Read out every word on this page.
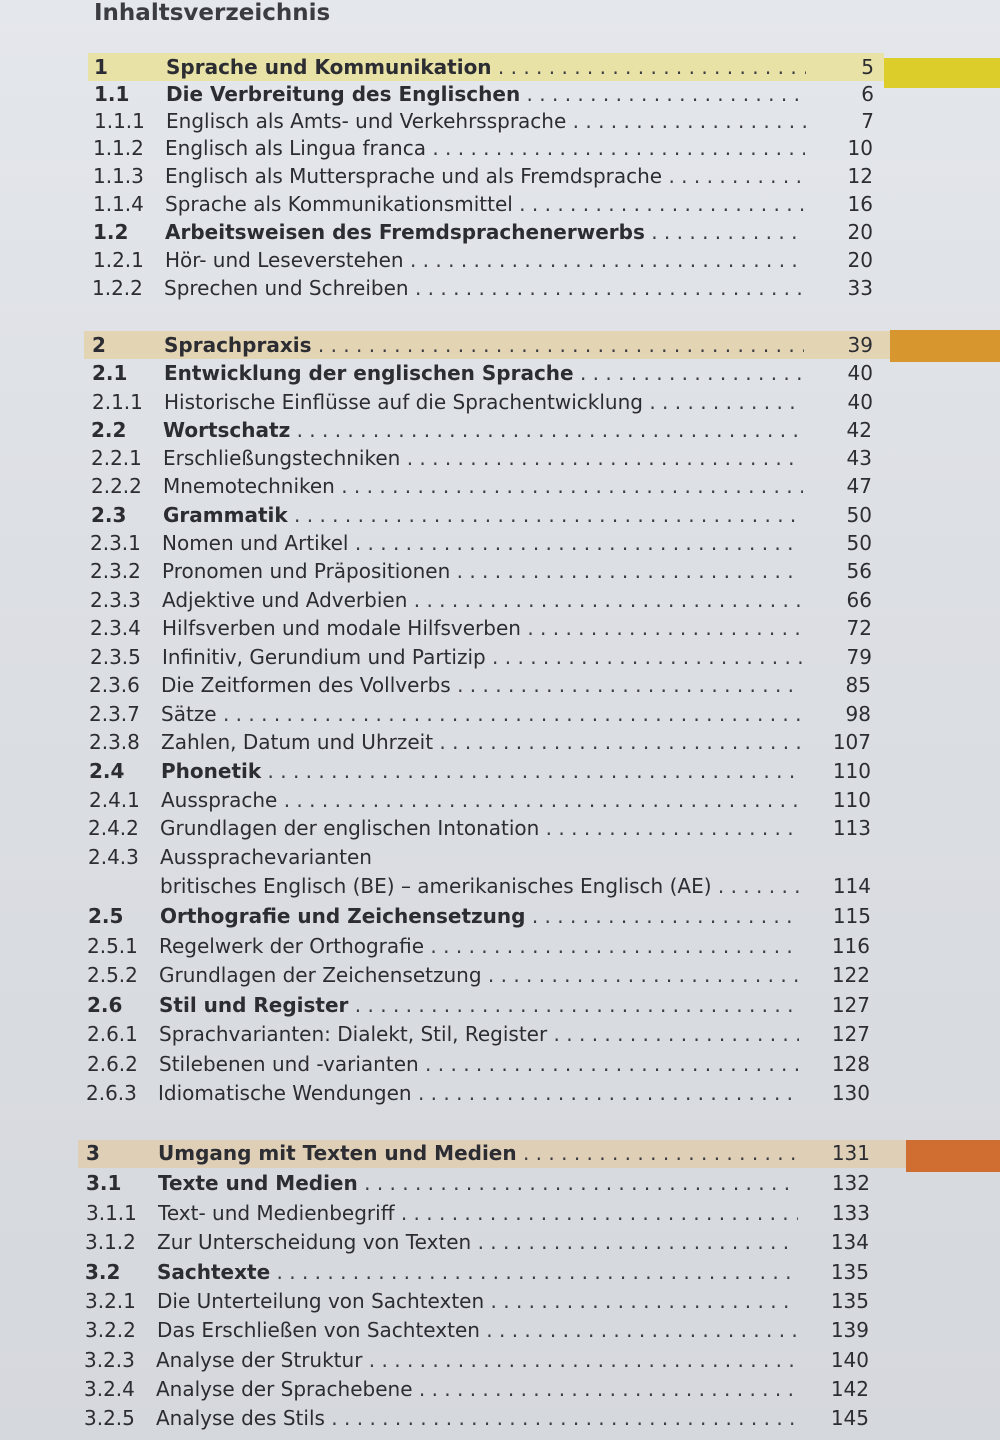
Inhaltsverzeichnis
1	Sprache und Kommunikation . . .	5
1.1 Die Verbreitung des Englischen . . .	6
1.1.1 Englisch als Amts- und Verkehrssprache . . .	7
1.1.2 Englisch als Lingua franca . . .	10
1.1.3 Englisch als Muttersprache und als Fremdsprache . . .	12
1.1.4 Sprache als Kommunikationsmittel . . .	16
1.2 Arbeitsweisen des Fremdsprachenerwerbs . . .	20
1.2.1 Hör- und Leseverstehen . . .	20
1.2.2 Sprechen und Schreiben . . .	33
2	Sprachpraxis . . .	39
2.1 Entwicklung der englischen Sprache . . .	40
2.1.1 Historische Einflüsse auf die Sprachentwicklung . . .	40
2.2 Wortschatz . . .	42
2.2.1 Erschließungstechniken . . .	43
2.2.2 Mnemotechniken . . .	47
2.3 Grammatik . . .	50
2.3.1 Nomen und Artikel . . .	50
2.3.2 Pronomen und Präpositionen . . .	56
2.3.3 Adjektive und Adverbien . . .	66
2.3.4 Hilfsverben und modale Hilfsverben . . .	72
2.3.5 Infinitiv, Gerundium und Partizip . . .	79
2.3.6 Die Zeitformen des Vollverbs . . .	85
2.3.7 Sätze . . .	98
2.3.8 Zahlen, Datum und Uhrzeit . . .	107
2.4 Phonetik . . .	110
2.4.1 Aussprache . . .	110
2.4.2 Grundlagen der englischen Intonation . . .	113
2.4.3 Aussprachevarianten
britisches Englisch (BE) – amerikanisches Englisch (AE) . . .	114
2.5 Orthografie und Zeichensetzung . . .	115
2.5.1 Regelwerk der Orthografie . . .	116
2.5.2 Grundlagen der Zeichensetzung . . .	122
2.6 Stil und Register . . .	127
2.6.1 Sprachvarianten: Dialekt, Stil, Register . . .	127
2.6.2 Stilebenen und -varianten . . .	128
2.6.3 Idiomatische Wendungen . . .	130
3	Umgang mit Texten und Medien . . .	131
3.1 Texte und Medien . . .	132
3.1.1 Text- und Medienbegriff . . .	133
3.1.2 Zur Unterscheidung von Texten . . .	134
3.2 Sachtexte . . .	135
3.2.1 Die Unterteilung von Sachtexten . . .	135
3.2.2 Das Erschließen von Sachtexten . . .	139
3.2.3 Analyse der Struktur . . .	140
3.2.4 Analyse der Sprachebene . . .	142
3.2.5 Analyse des Stils . . .	145
